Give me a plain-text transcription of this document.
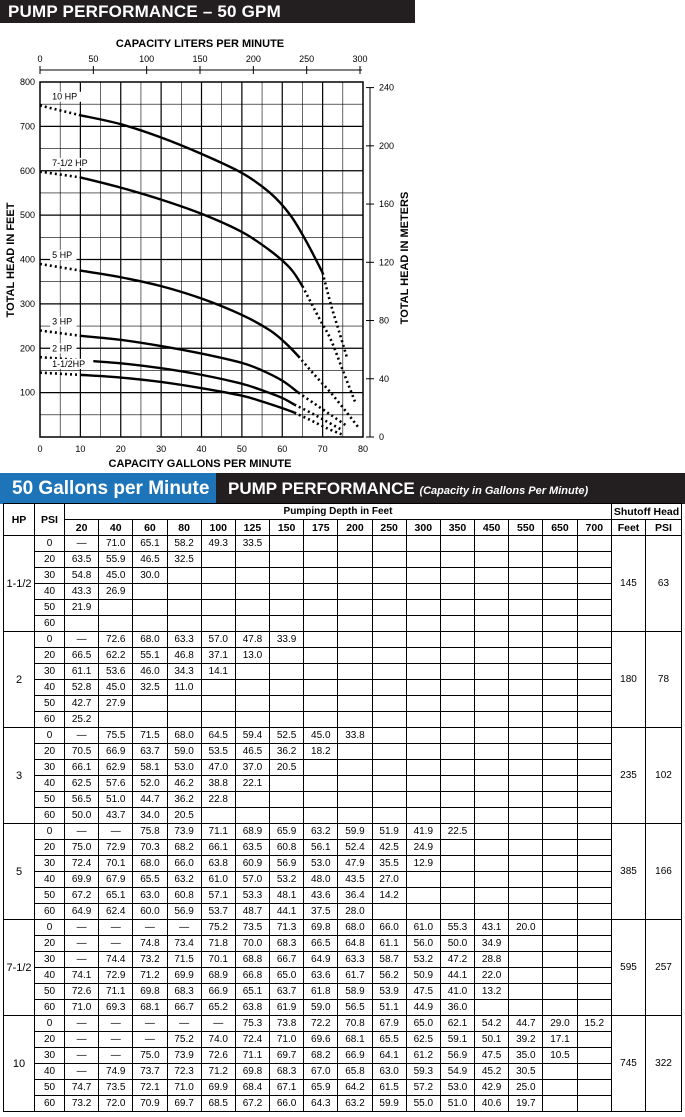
PUMP PERFORMANCE – 50 GPM
CAPACITY LITERS PER MINUTE
CAPACITY GALLONS PER MINUTE
TOTAL HEAD IN FEET	TOTAL HEAD IN METERS
10 HP
7-1/2 HP
5 HP
3 HP
2 HP
1-1/2HP
0	10	20	30	40	50	60	70	80
100
200
300
400
500
600
700
800
0	50	100	150	200	250	300
0
40
80
120
160
200
240
50 Gallons per Minute	PUMP PERFORMANCE (Capacity in Gallons Per Minute)
HP	PSI	Pumping Depth in Feet																Shutoff Head	
		20	40	60	80	100	125	150	175	200	250	300	350	450	550	650	700	Feet	PSI
1-1/2	0	—	71.0	65.1	58.2	49.3	33.5											145	63
	20	63.5	55.9	46.5	32.5														
	30	54.8	45.0	30.0															
	40	43.3	26.9																
	50	21.9																	
	60																		
2	0	—	72.6	68.0	63.3	57.0	47.8	33.9										180	78
	20	66.5	62.2	55.1	46.8	37.1	13.0												
	30	61.1	53.6	46.0	34.3	14.1													
	40	52.8	45.0	32.5	11.0														
	50	42.7	27.9																
	60	25.2																	
3	0	—	75.5	71.5	68.0	64.5	59.4	52.5	45.0	33.8								235	102
	20	70.5	66.9	63.7	59.0	53.5	46.5	36.2	18.2										
	30	66.1	62.9	58.1	53.0	47.0	37.0	20.5											
	40	62.5	57.6	52.0	46.2	38.8	22.1												
	50	56.5	51.0	44.7	36.2	22.8													
	60	50.0	43.7	34.0	20.5														
5	0	—	—	75.8	73.9	71.1	68.9	65.9	63.2	59.9	51.9	41.9	22.5					385	166
	20	75.0	72.9	70.3	68.2	66.1	63.5	60.8	56.1	52.4	42.5	24.9							
	30	72.4	70.1	68.0	66.0	63.8	60.9	56.9	53.0	47.9	35.5	12.9							
	40	69.9	67.9	65.5	63.2	61.0	57.0	53.2	48.0	43.5	27.0								
	50	67.2	65.1	63.0	60.8	57.1	53.3	48.1	43.6	36.4	14.2								
	60	64.9	62.4	60.0	56.9	53.7	48.7	44.1	37.5	28.0									
7-1/2	0	—	—	—	—	75.2	73.5	71.3	69.8	68.0	66.0	61.0	55.3	43.1	20.0			595	257
	20	—	—	74.8	73.4	71.8	70.0	68.3	66.5	64.8	61.1	56.0	50.0	34.9					
	30	—	74.4	73.2	71.5	70.1	68.8	66.7	64.9	63.3	58.7	53.2	47.2	28.8					
	40	74.1	72.9	71.2	69.9	68.9	66.8	65.0	63.6	61.7	56.2	50.9	44.1	22.0					
	50	72.6	71.1	69.8	68.3	66.9	65.1	63.7	61.8	58.9	53.9	47.5	41.0	13.2					
	60	71.0	69.3	68.1	66.7	65.2	63.8	61.9	59.0	56.5	51.1	44.9	36.0						
10	0	—	—	—	—	—	75.3	73.8	72.2	70.8	67.9	65.0	62.1	54.2	44.7	29.0	15.2	745	322
	20	—	—	—	75.2	74.0	72.4	71.0	69.6	68.1	65.5	62.5	59.1	50.1	39.2	17.1			
	30	—	—	75.0	73.9	72.6	71.1	69.7	68.2	66.9	64.1	61.2	56.9	47.5	35.0	10.5			
	40	—	74.9	73.7	72.3	71.2	69.8	68.3	67.0	65.8	63.0	59.3	54.9	45.2	30.5				
	50	74.7	73.5	72.1	71.0	69.9	68.4	67.1	65.9	64.2	61.5	57.2	53.0	42.9	25.0				
	60	73.2	72.0	70.9	69.7	68.5	67.2	66.0	64.3	63.2	59.9	55.0	51.0	40.6	19.7				
